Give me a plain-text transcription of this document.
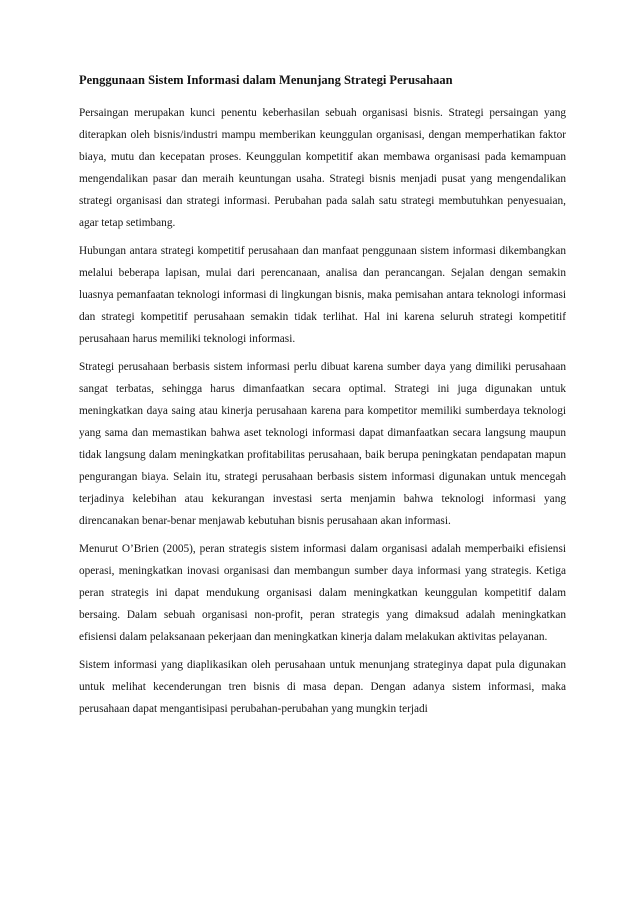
Penggunaan Sistem Informasi dalam Menunjang Strategi Perusahaan

Persaingan merupakan kunci penentu keberhasilan sebuah organisasi bisnis. Strategi persaingan yang diterapkan oleh bisnis/industri mampu memberikan keunggulan organisasi, dengan memperhatikan faktor biaya, mutu dan kecepatan proses. Keunggulan kompetitif akan membawa organisasi pada kemampuan mengendalikan pasar dan meraih keuntungan usaha. Strategi bisnis menjadi pusat yang mengendalikan strategi organisasi dan strategi informasi. Perubahan pada salah satu strategi membutuhkan penyesuaian, agar tetap setimbang.

Hubungan antara strategi kompetitif perusahaan dan manfaat penggunaan sistem informasi dikembangkan melalui beberapa lapisan, mulai dari perencanaan, analisa dan perancangan. Sejalan dengan semakin luasnya pemanfaatan teknologi informasi di lingkungan bisnis, maka pemisahan antara teknologi informasi dan strategi kompetitif perusahaan semakin tidak terlihat. Hal ini karena seluruh strategi kompetitif perusahaan harus memiliki teknologi informasi.

Strategi perusahaan berbasis sistem informasi perlu dibuat karena sumber daya yang dimiliki perusahaan sangat terbatas, sehingga harus dimanfaatkan secara optimal. Strategi ini juga digunakan untuk meningkatkan daya saing atau kinerja perusahaan karena para kompetitor memiliki sumberdaya teknologi yang sama dan memastikan bahwa aset teknologi informasi dapat dimanfaatkan secara langsung maupun tidak langsung dalam meningkatkan profitabilitas perusahaan, baik berupa peningkatan pendapatan mapun pengurangan biaya. Selain itu, strategi perusahaan berbasis sistem informasi digunakan untuk mencegah terjadinya kelebihan atau kekurangan investasi serta menjamin bahwa teknologi informasi yang direncanakan benar-benar menjawab kebutuhan bisnis perusahaan akan informasi.

Menurut O’Brien (2005), peran strategis sistem informasi dalam organisasi adalah memperbaiki efisiensi operasi, meningkatkan inovasi organisasi dan membangun sumber daya informasi yang strategis. Ketiga peran strategis ini dapat mendukung organisasi dalam meningkatkan keunggulan kompetitif dalam bersaing. Dalam sebuah organisasi non-profit, peran strategis yang dimaksud adalah meningkatkan efisiensi dalam pelaksanaan pekerjaan dan meningkatkan kinerja dalam melakukan aktivitas pelayanan.

Sistem informasi yang diaplikasikan oleh perusahaan untuk menunjang strateginya dapat pula digunakan untuk melihat kecenderungan tren bisnis di masa depan. Dengan adanya sistem informasi, maka perusahaan dapat mengantisipasi perubahan-perubahan yang mungkin terjadi
